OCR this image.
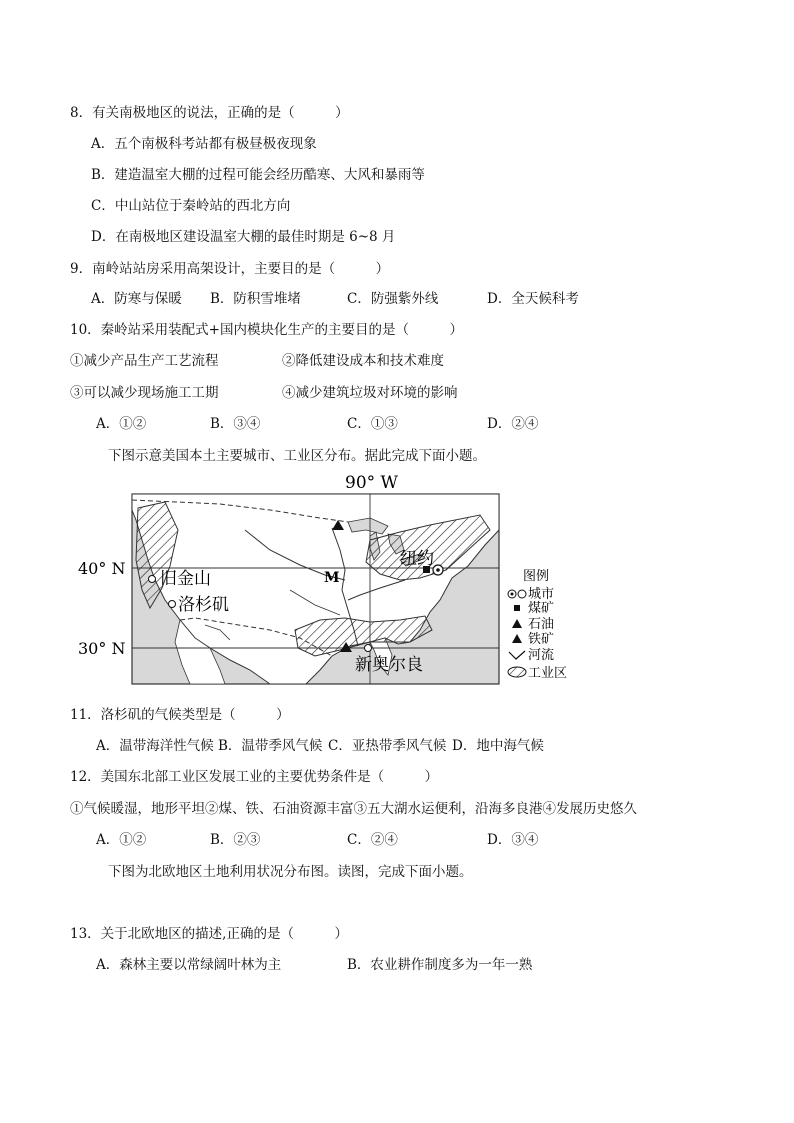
8．有关南极地区的说法，正确的是（　　　）
A．五个南极科考站都有极昼极夜现象
B．建造温室大棚的过程可能会经历酷寒、大风和暴雨等
C．中山站位于秦岭站的西北方向
D．在南极地区建设温室大棚的最佳时期是 6~8 月
9．南岭站站房采用高架设计，主要目的是（　　　）
A．防寒与保暖 B．防积雪堆堵	C．防强紫外线	D．全天候科考
10．秦岭站采用装配式+国内模块化生产的主要目的是（　　　）
①减少产品生产工艺流程	②降低建设成本和技术难度
③可以减少现场施工工期	④减少建筑垃圾对环境的影响
A．①②	B．③④	C．①③	D．②④
下图示意美国本土主要城市、工业区分布。据此完成下面小题。
90° W
40° N
30° N
旧金山
洛杉矶
纽约
新奥尔良
M	图例
城市
煤矿
石油
铁矿
河流
工业区
11．洛杉矶的气候类型是（　　　）
A．温带海洋性气候 B．温带季风气候 C．亚热带季风气候 D．地中海气候
12．美国东北部工业区发展工业的主要优势条件是（　　　）
①气候暖湿，地形平坦②煤、铁、石油资源丰富③五大湖水运便利，沿海多良港④发展历史悠久
A．①②	B．②③	C．②④	D．③④
下图为北欧地区土地利用状况分布图。读图，完成下面小题。
13．关于北欧地区的描述,正确的是（　　　）
A．森林主要以常绿阔叶林为主	B．农业耕作制度多为一年一熟
